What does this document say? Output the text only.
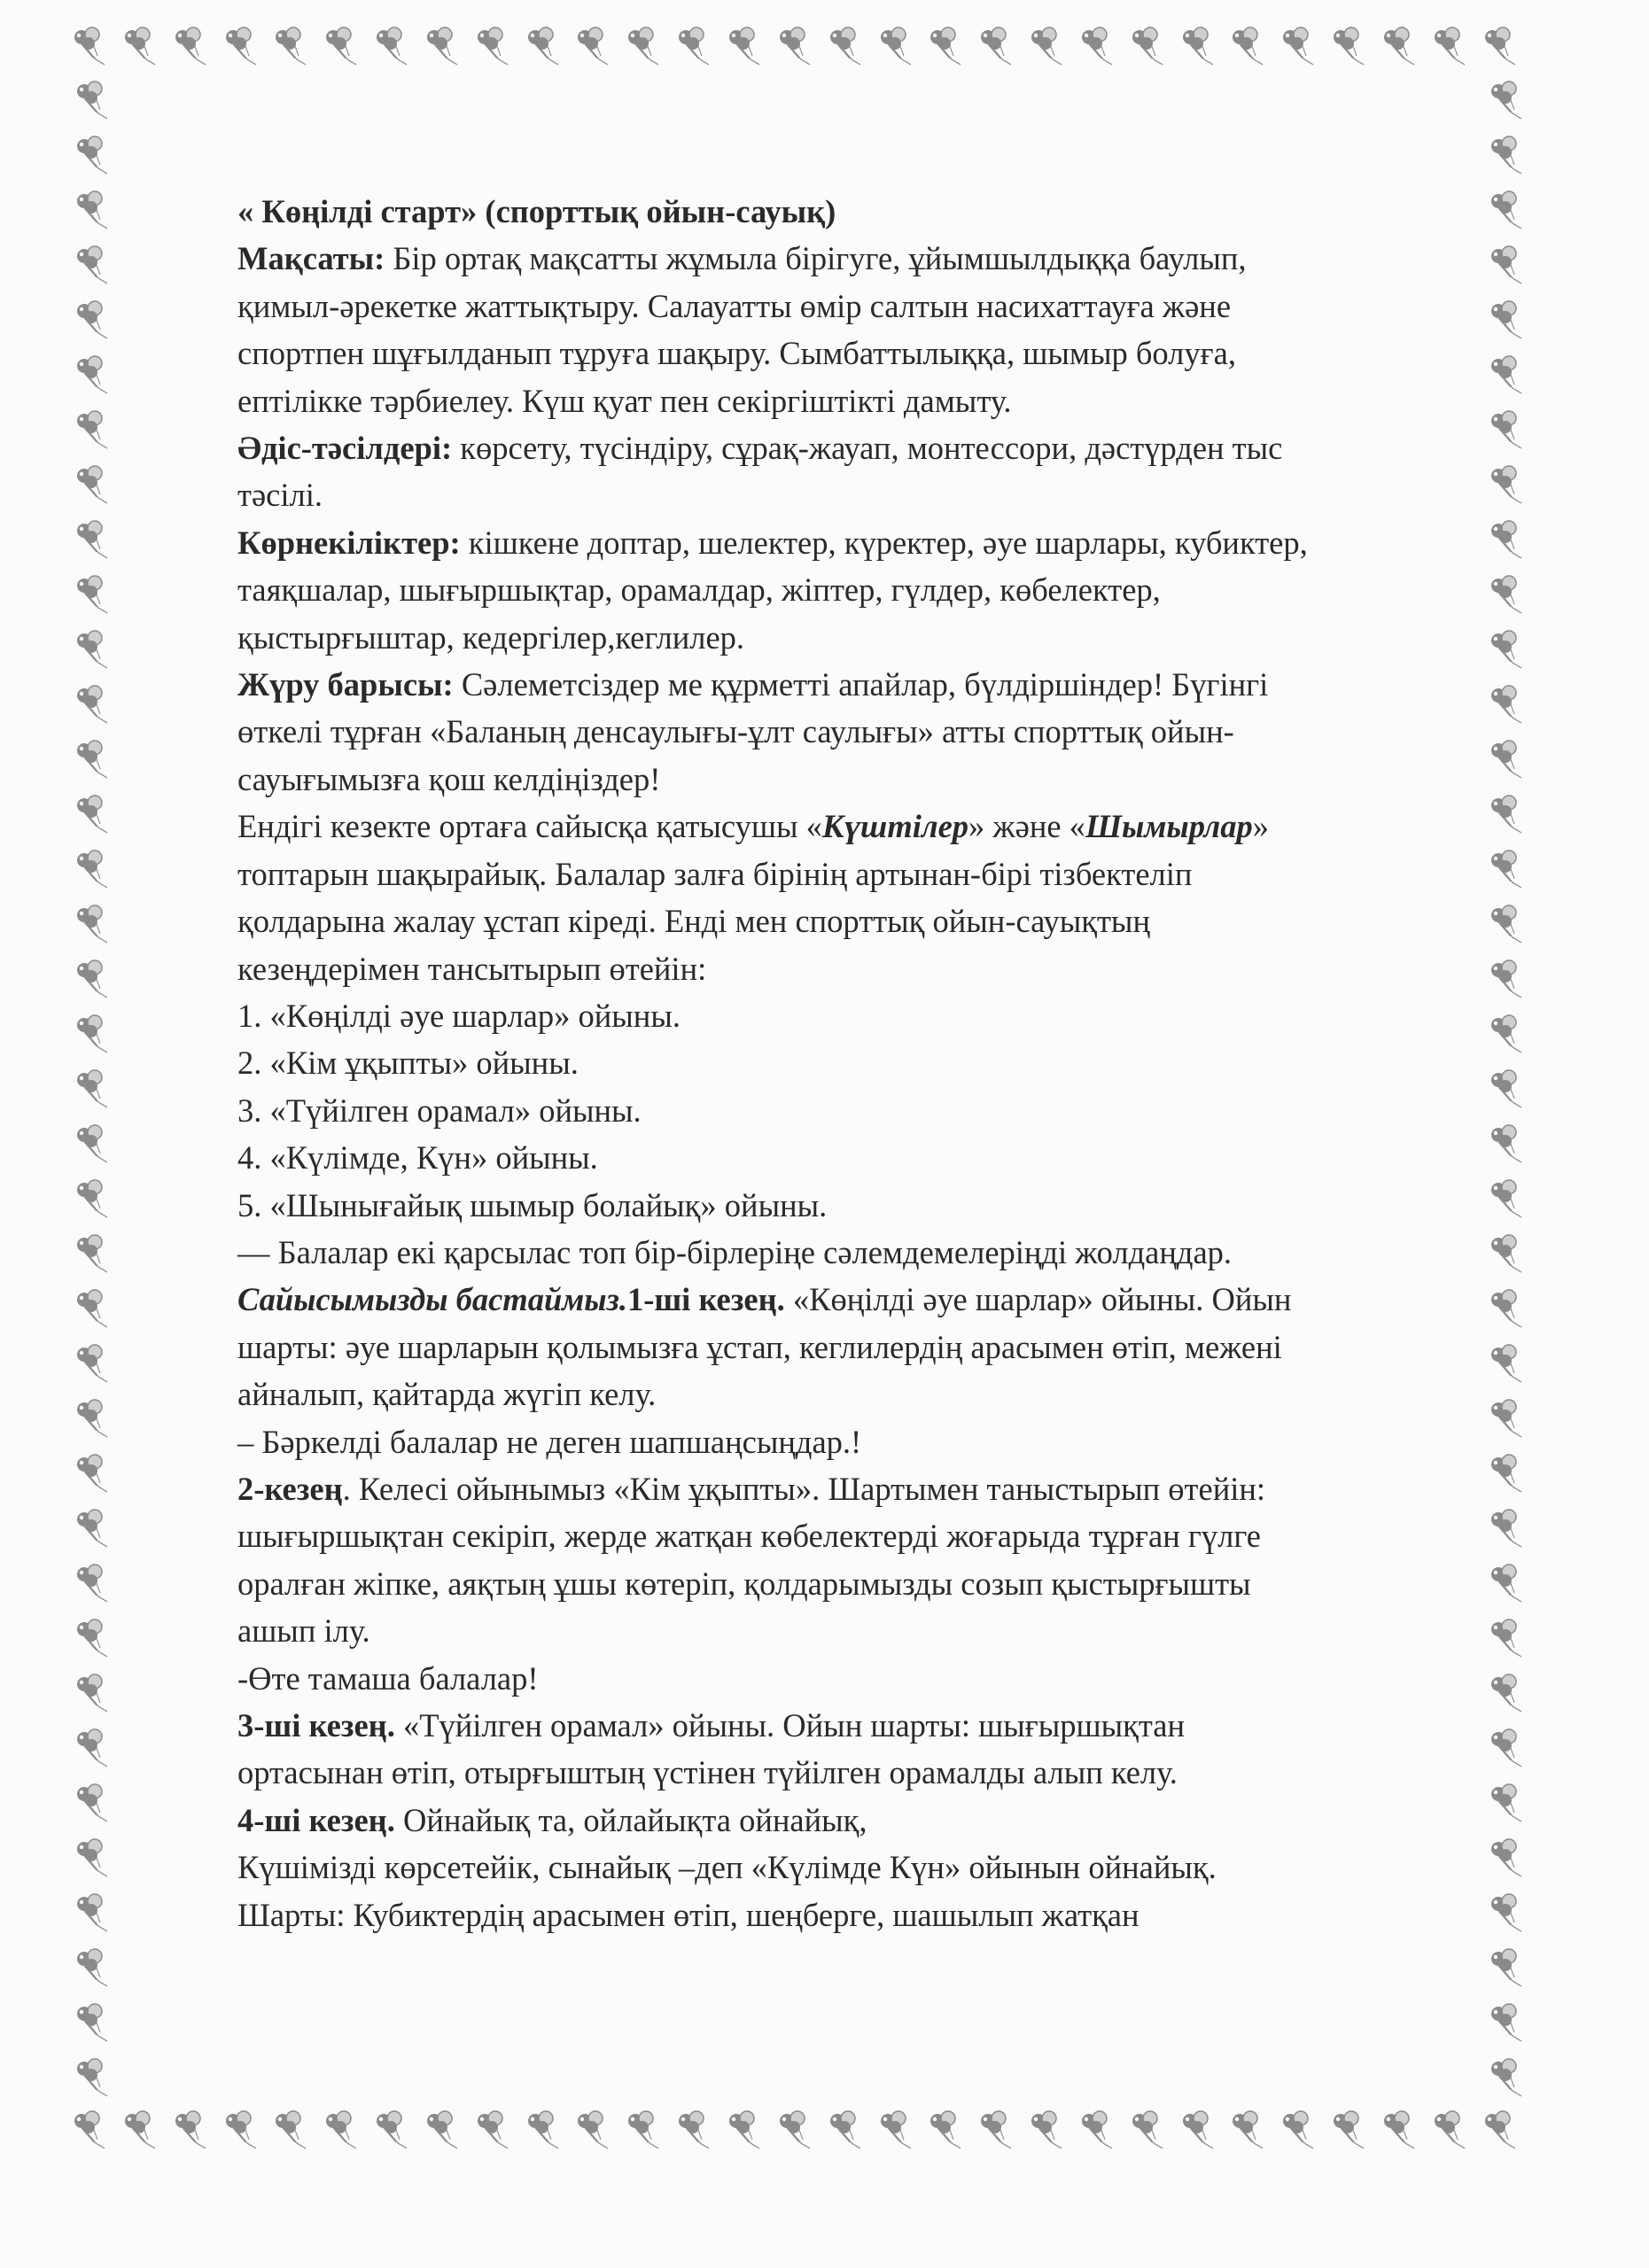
« Көңілді старт» (спорттық ойын-сауық)
Мақсаты: Бір ортақ мақсатты жұмыла бірігуге, ұйымшылдыққа баулып,
қимыл-әрекетке жаттықтыру. Салауатты өмір салтын насихаттауға және
спортпен шұғылданып тұруға шақыру. Сымбаттылыққа, шымыр болуға,
ептілікке тәрбиелеу. Күш қуат пен секіргіштікті дамыту.
Әдіс-тәсілдері: көрсету, түсіндіру, сұрақ-жауап, монтессори, дәстүрден тыс
тәсілі.
Көрнекіліктер: кішкене доптар, шелектер, күректер, әуе шарлары, кубиктер,
таяқшалар, шығыршықтар, орамалдар, жіптер, гүлдер, көбелектер,
қыстырғыштар, кедергілер,кеглилер.
Жүру барысы: Сәлеметсіздер ме құрметті апайлар, бүлдіршіндер! Бүгінгі
өткелі тұрған «Баланың денсаулығы-ұлт саулығы» атты спорттық ойын-
сауығымызға қош келдіңіздер!
Ендігі кезекте ортаға сайысқа қатысушы «Күштілер» және «Шымырлар»
топтарын шақырайық. Балалар залға бірінің артынан-бірі тізбектеліп
қолдарына жалау ұстап кіреді. Енді мен спорттық ойын-сауықтың
кезеңдерімен тансытырып өтейін:
1. «Көңілді әуе шарлар» ойыны.
2. «Кім ұқыпты» ойыны.
3. «Түйілген орамал» ойыны.
4. «Күлімде, Күн» ойыны.
5. «Шынығайық шымыр болайық» ойыны.
— Балалар екі қарсылас топ бір-бірлеріңе сәлемдемелеріңді жолдаңдар.
Сайысымызды бастаймыз.1-ші кезең. «Көңілді әуе шарлар» ойыны. Ойын
шарты: әуе шарларын қолымызға ұстап, кеглилердің арасымен өтіп, межені
айналып, қайтарда жүгіп келу.
– Бәркелді балалар не деген шапшаңсыңдар.!
2-кезең. Келесі ойынымыз «Кім ұқыпты». Шартымен таныстырып өтейін:
шығыршықтан секіріп, жерде жатқан көбелектерді жоғарыда тұрған гүлге
оралған жіпке, аяқтың ұшы көтеріп, қолдарымызды созып қыстырғышты
ашып ілу.
-Өте тамаша балалар!
3-ші кезең. «Түйілген орамал» ойыны. Ойын шарты: шығыршықтан
ортасынан өтіп, отырғыштың үстінен түйілген орамалды алып келу.
4-ші кезең. Ойнайық та, ойлайықта ойнайық,
Күшімізді көрсетейік, сынайық –деп «Күлімде Күн» ойынын ойнайық.
Шарты: Кубиктердің арасымен өтіп, шеңберге, шашылып жатқан
